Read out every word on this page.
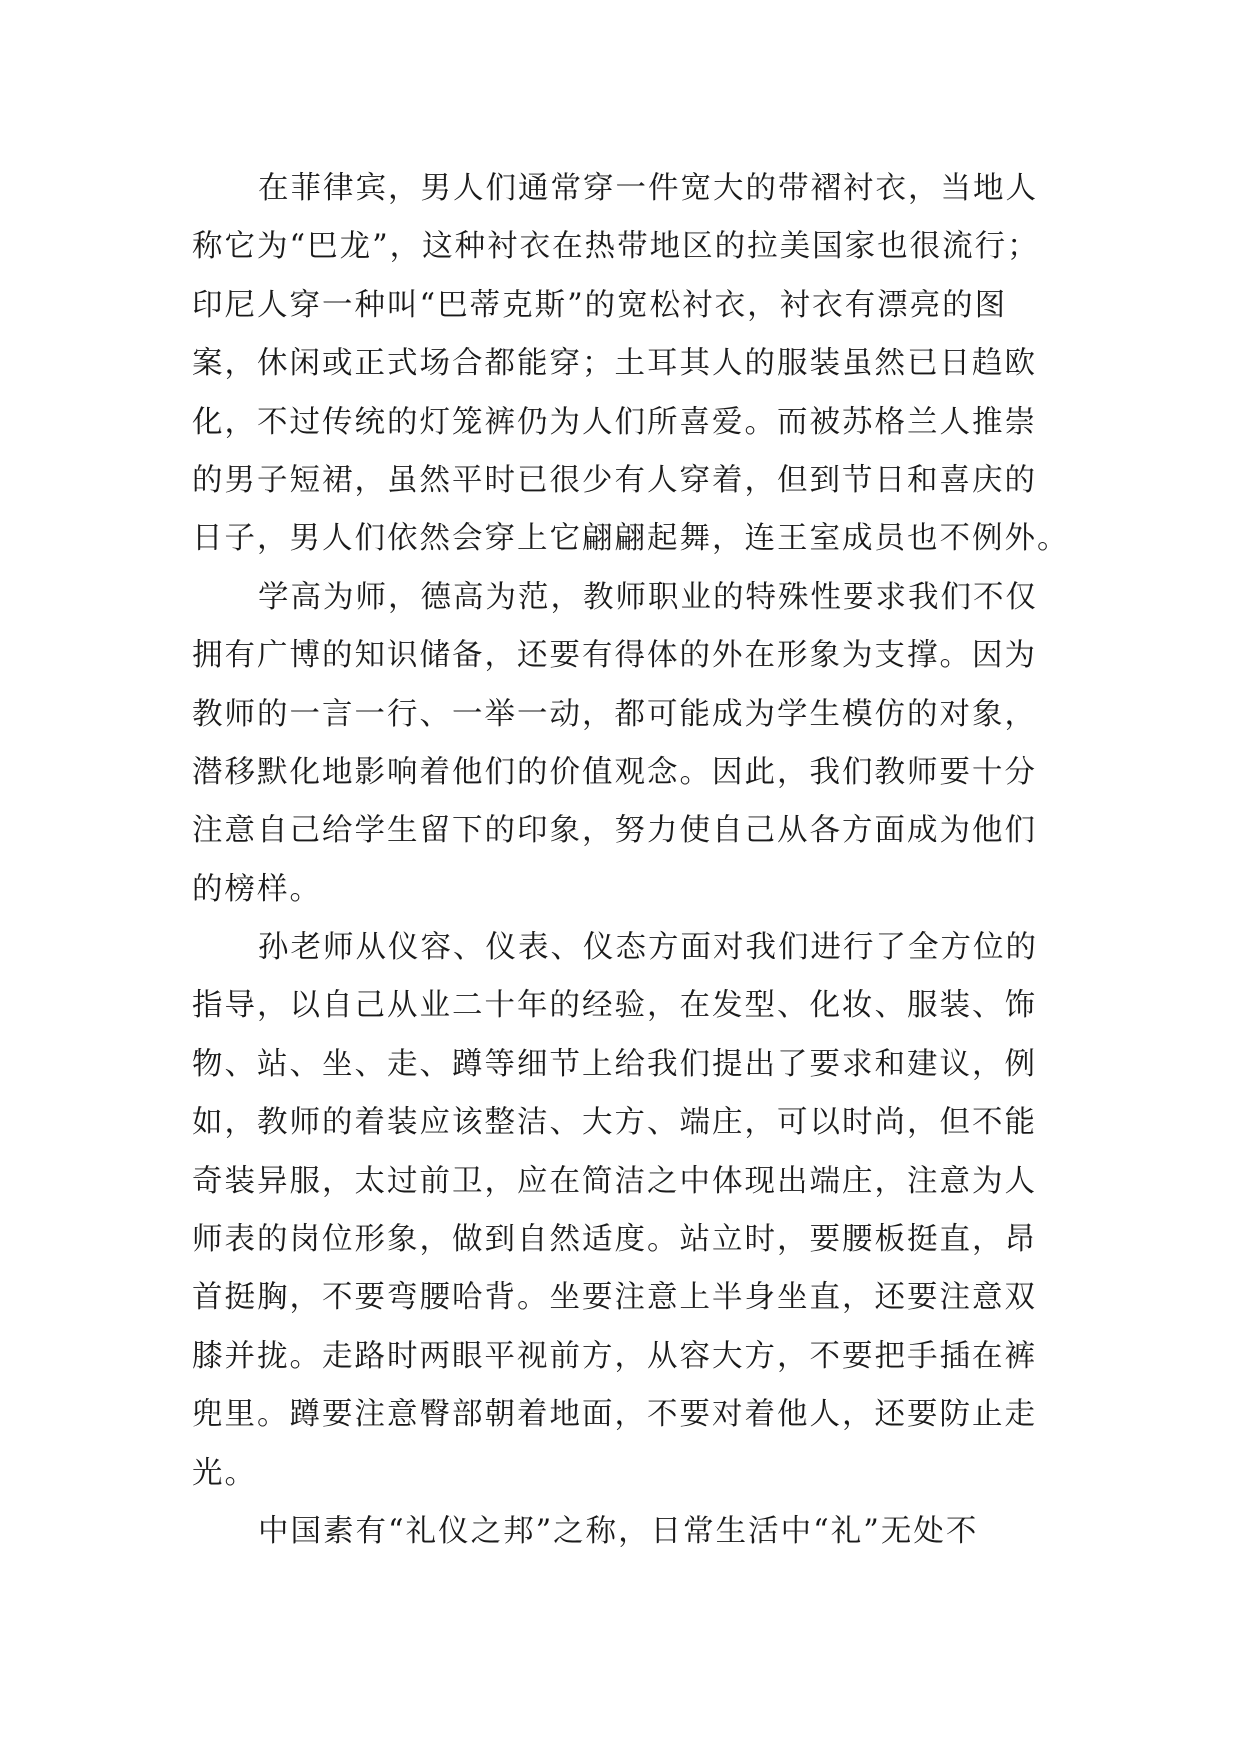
在菲律宾，男人们通常穿一件宽大的带褶衬衣，当地人
称它为“巴龙”，这种衬衣在热带地区的拉美国家也很流行；
印尼人穿一种叫“巴蒂克斯”的宽松衬衣，衬衣有漂亮的图
案，休闲或正式场合都能穿；土耳其人的服装虽然已日趋欧
化，不过传统的灯笼裤仍为人们所喜爱。而被苏格兰人推崇
的男子短裙，虽然平时已很少有人穿着，但到节日和喜庆的
日子，男人们依然会穿上它翩翩起舞，连王室成员也不例外。
学高为师，德高为范，教师职业的特殊性要求我们不仅
拥有广博的知识储备，还要有得体的外在形象为支撑。因为
教师的一言一行、一举一动，都可能成为学生模仿的对象，
潜移默化地影响着他们的价值观念。因此，我们教师要十分
注意自己给学生留下的印象，努力使自己从各方面成为他们
的榜样。
孙老师从仪容、仪表、仪态方面对我们进行了全方位的
指导，以自己从业二十年的经验，在发型、化妆、服装、饰
物、站、坐、走、蹲等细节上给我们提出了要求和建议，例
如，教师的着装应该整洁、大方、端庄，可以时尚，但不能
奇装异服，太过前卫，应在简洁之中体现出端庄，注意为人
师表的岗位形象，做到自然适度。站立时，要腰板挺直，昂
首挺胸，不要弯腰哈背。坐要注意上半身坐直，还要注意双
膝并拢。走路时两眼平视前方，从容大方，不要把手插在裤
兜里。蹲要注意臀部朝着地面，不要对着他人，还要防止走
光。
中国素有“礼仪之邦”之称，日常生活中“礼”无处不
